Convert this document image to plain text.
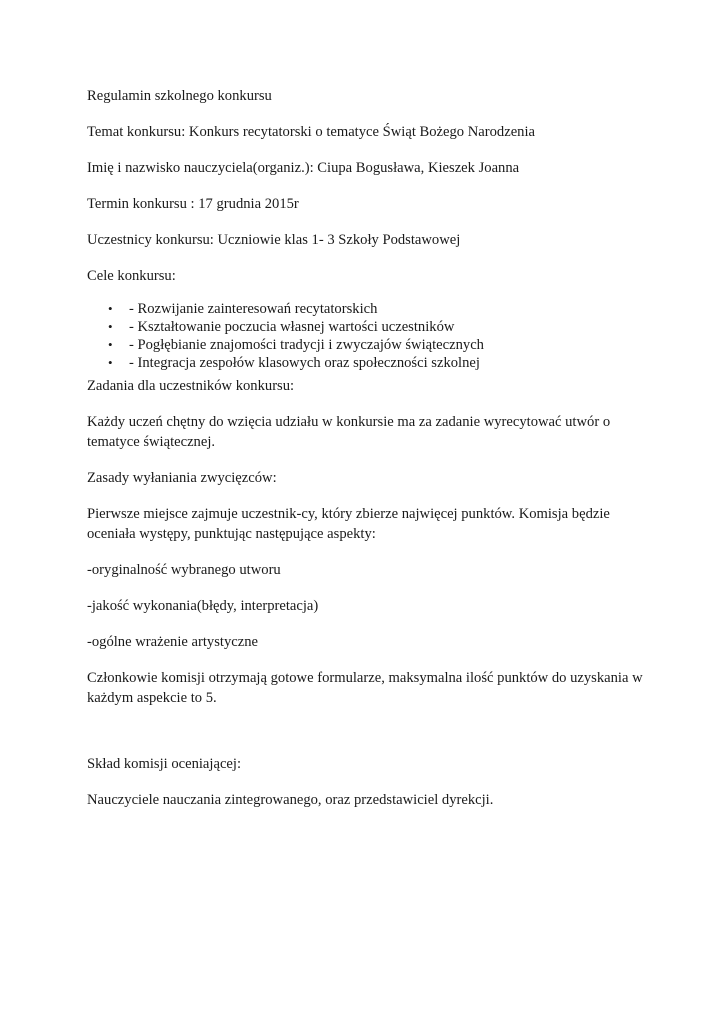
Regulamin szkolnego konkursu

Temat konkursu: Konkurs recytatorski o tematyce Świąt Bożego Narodzenia

Imię i nazwisko nauczyciela(organiz.): Ciupa Bogusława, Kieszek Joanna

Termin konkursu : 17 grudnia 2015r

Uczestnicy konkursu: Uczniowie klas 1- 3 Szkoły Podstawowej

Cele konkursu:

• - Rozwijanie zainteresowań recytatorskich
• - Kształtowanie poczucia własnej wartości uczestników
• - Pogłębianie znajomości tradycji i zwyczajów świątecznych
• - Integracja zespołów klasowych oraz społeczności szkolnej

Zadania dla uczestników konkursu:

Każdy uczeń chętny do wzięcia udziału w konkursie ma za zadanie wyrecytować utwór o tematyce świątecznej.

Zasady wyłaniania zwycięzców:

Pierwsze miejsce zajmuje uczestnik-cy, który zbierze najwięcej punktów. Komisja będzie oceniała występy, punktując następujące aspekty:

-oryginalność wybranego utworu

-jakość wykonania(błędy, interpretacja)

-ogólne wrażenie artystyczne

Członkowie komisji otrzymają gotowe formularze, maksymalna ilość punktów do uzyskania w każdym aspekcie to 5.

Skład komisji oceniającej:

Nauczyciele nauczania zintegrowanego, oraz przedstawiciel dyrekcji.
